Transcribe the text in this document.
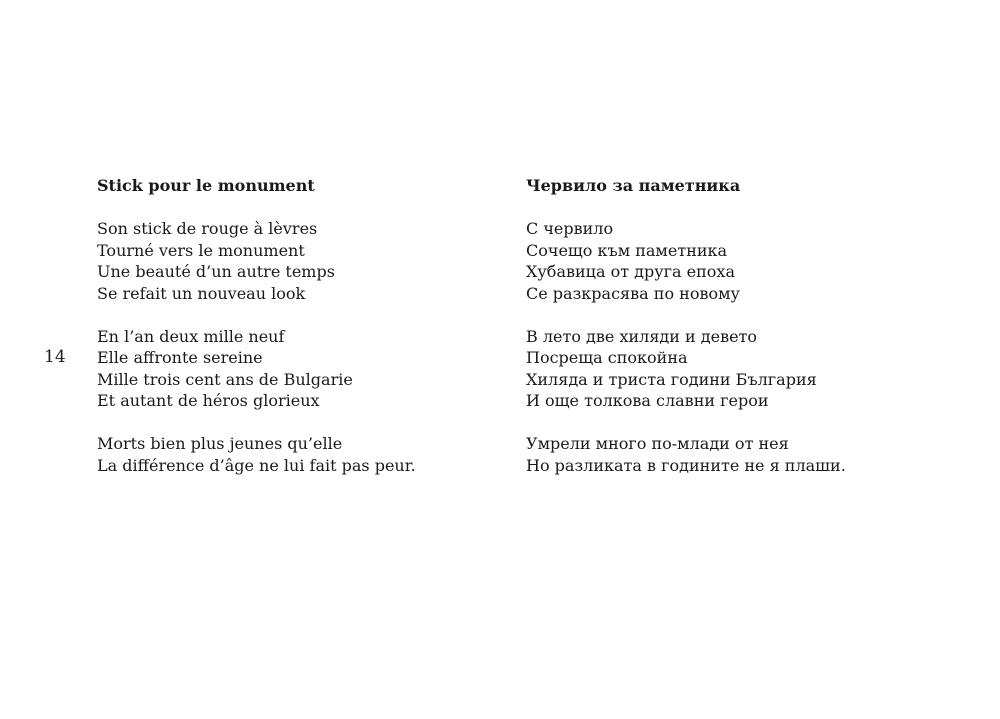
14
Stick pour le monument
Son stick de rouge à lèvres
Tourné vers le monument
Une beauté d’un autre temps
Se refait un nouveau look
En l’an deux mille neuf
Elle affronte sereine
Mille trois cent ans de Bulgarie
Et autant de héros glorieux
Morts bien plus jeunes qu’elle
La différence d’âge ne lui fait pas peur.
Червило за паметника
С червило
Сочещо към паметника
Хубавица от друга епоха
Се разкрасява по новому
В лето две хиляди и девето
Посреща спокойна
Хиляда и триста години България
И още толкова славни герои
Умрели много по-млади от нея
Но разликата в годините не я плаши.
